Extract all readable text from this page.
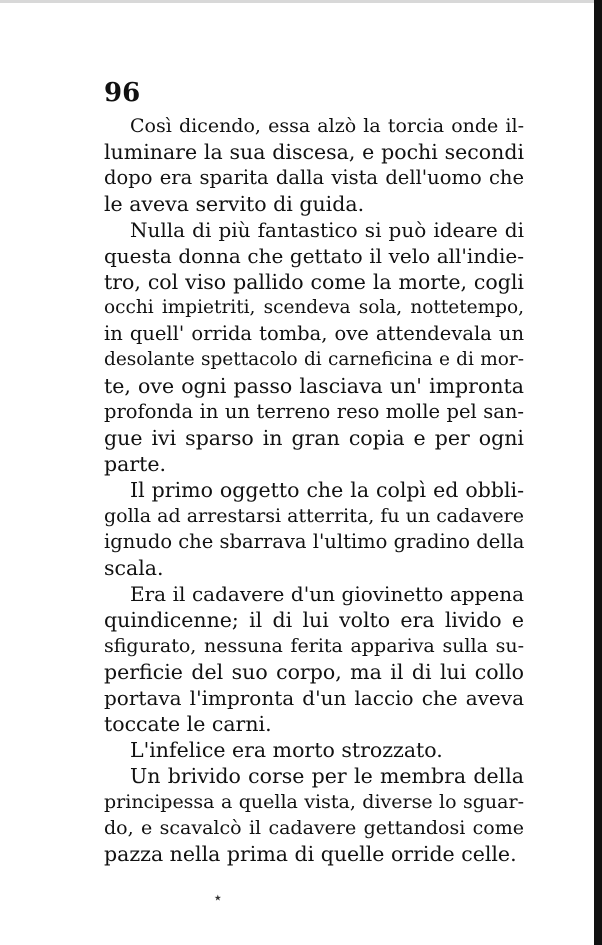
96
Così dicendo, essa alzò la torcia onde il-
luminare la sua discesa, e pochi secondi
dopo era sparita dalla vista dell'uomo che
le aveva servito di guida.
Nulla di più fantastico si può ideare di
questa donna che gettato il velo all'indie-
tro, col viso pallido come la morte, cogli
occhi impietriti, scendeva sola, nottetempo,
in quell' orrida tomba, ove attendevala un
desolante spettacolo di carneficina e di mor-
te, ove ogni passo lasciava un' impronta
profonda in un terreno reso molle pel san-
gue ivi sparso in gran copia e per ogni
parte.
Il primo oggetto che la colpì ed obbli-
golla ad arrestarsi atterrita, fu un cadavere
ignudo che sbarrava l'ultimo gradino della
scala.
Era il cadavere d'un giovinetto appena
quindicenne; il di lui volto era livido e
sfigurato, nessuna ferita appariva sulla su-
perficie del suo corpo, ma il di lui collo
portava l'impronta d'un laccio che aveva
toccate le carni.
L'infelice era morto strozzato.
Un brivido corse per le membra della
principessa a quella vista, diverse lo sguar-
do, e scavalcò il cadavere gettandosi come
pazza nella prima di quelle orride celle.
٭
